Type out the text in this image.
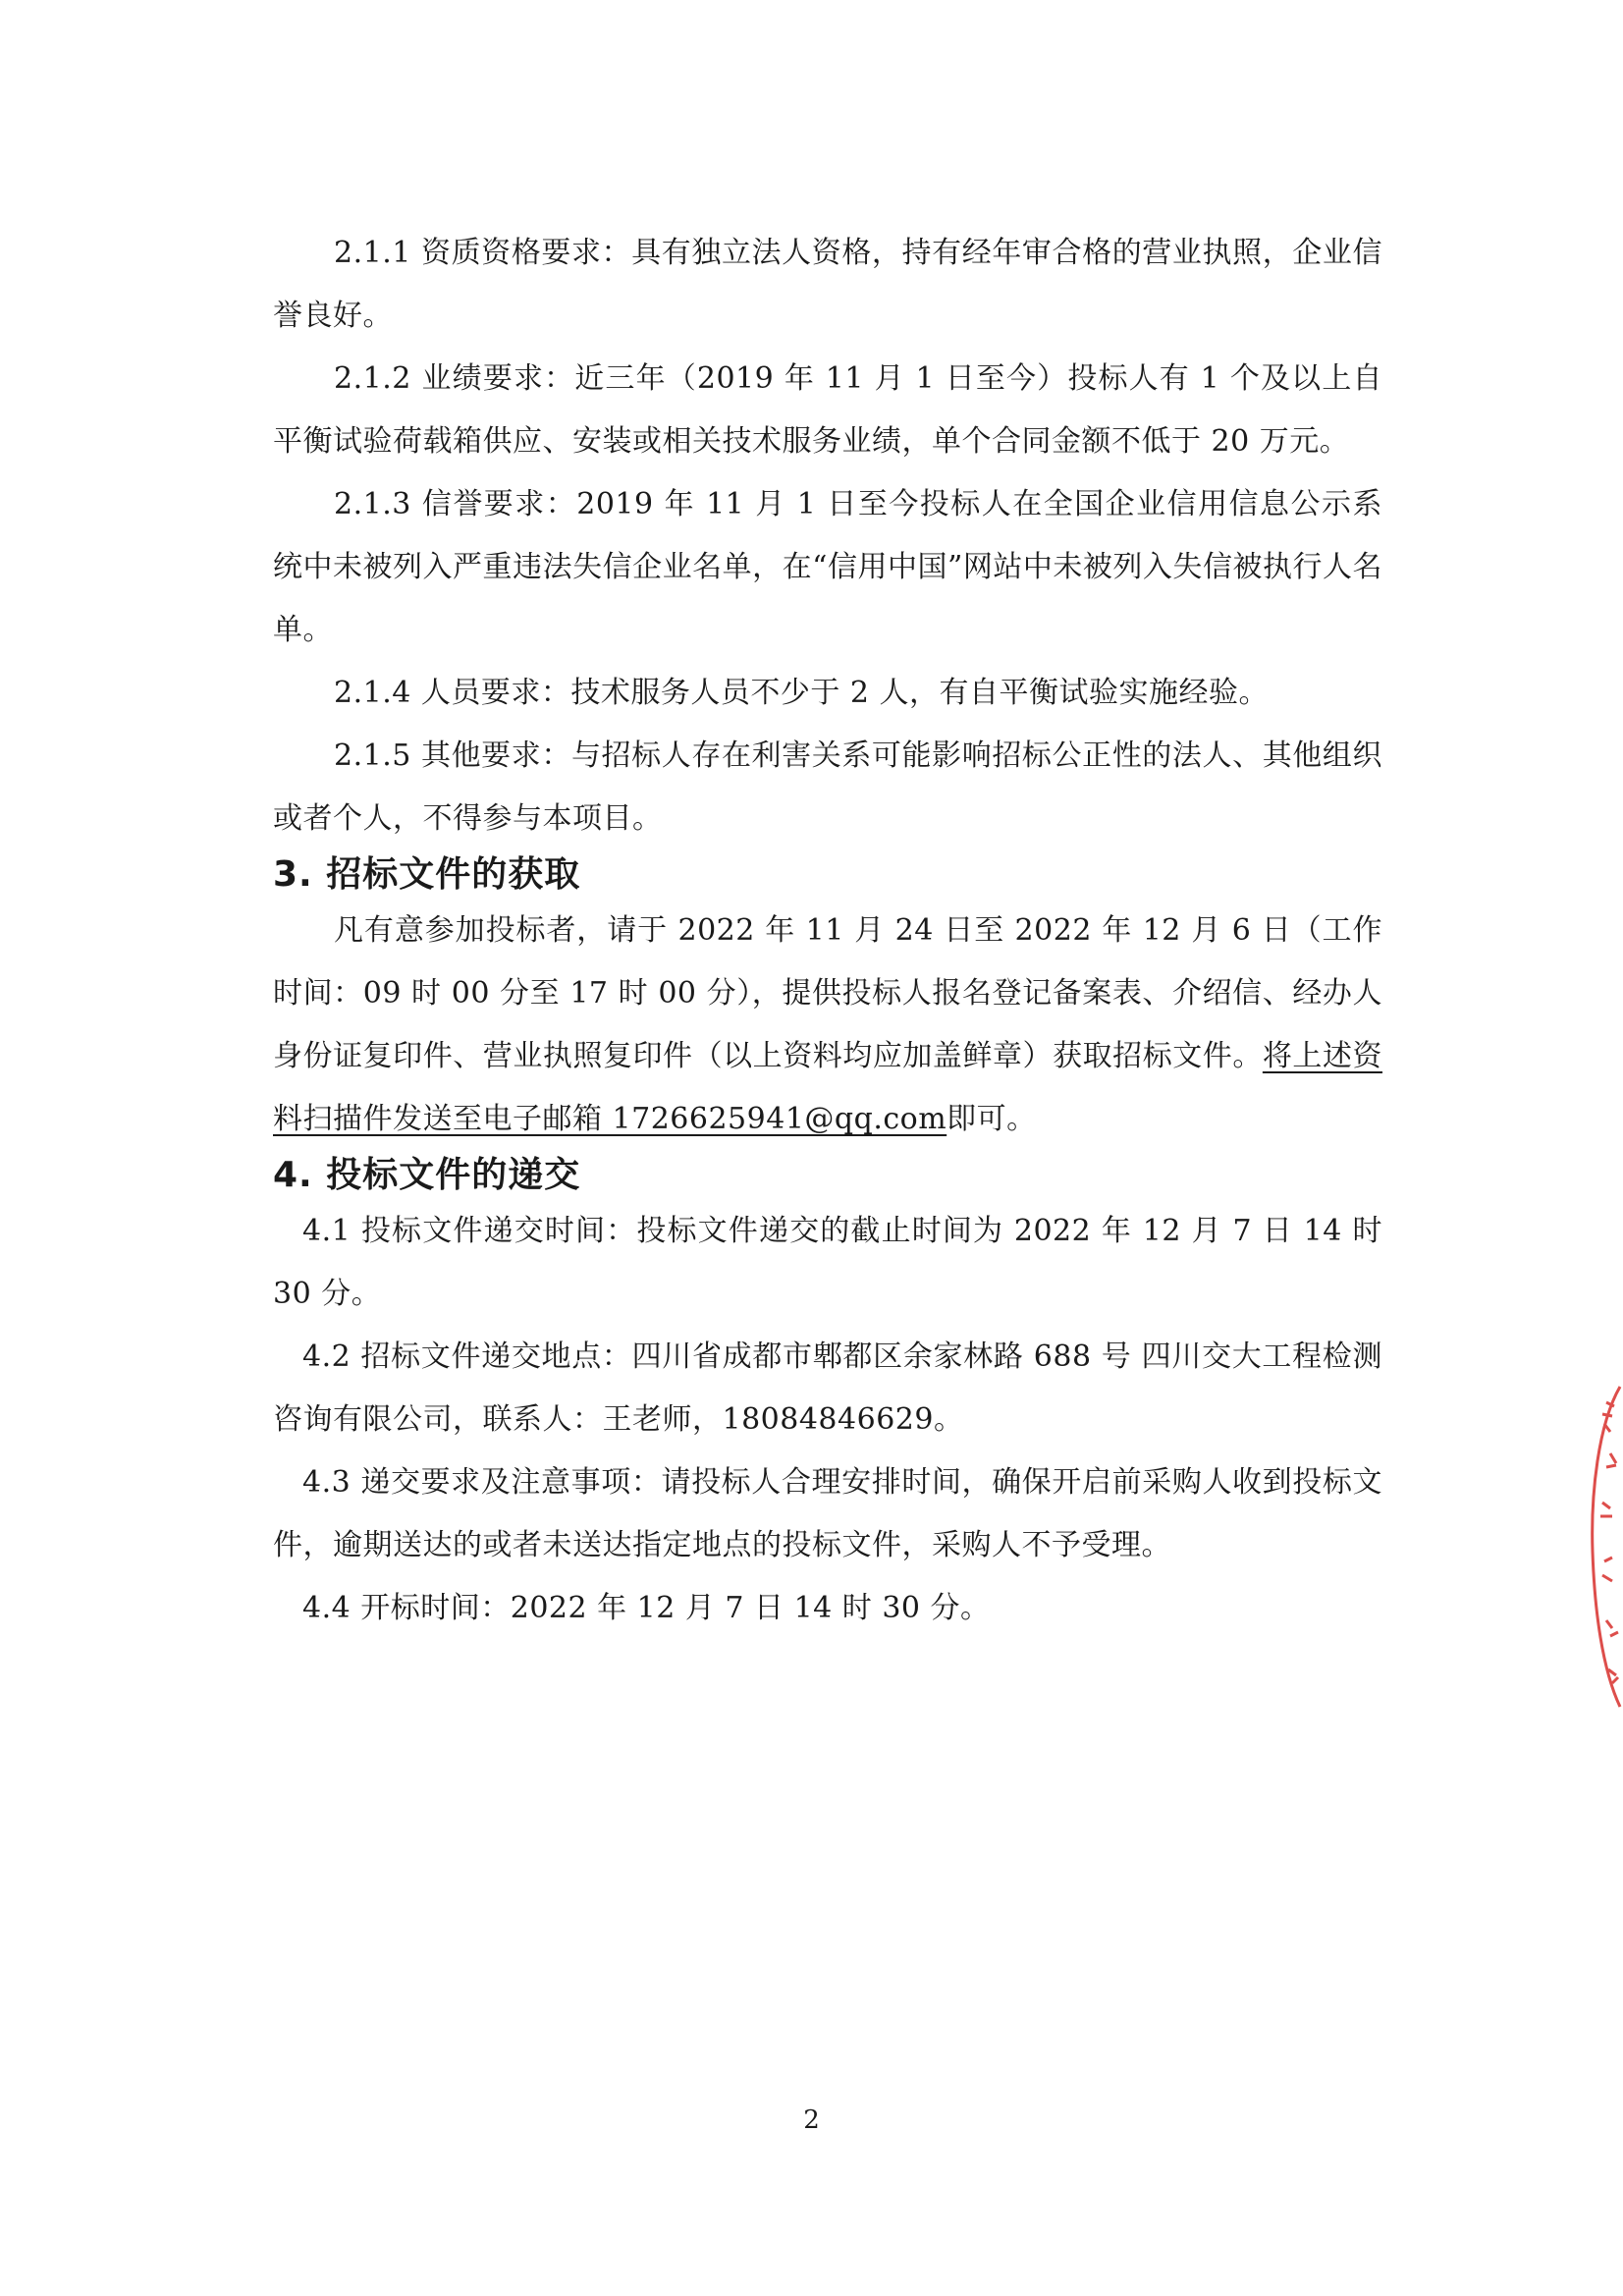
2.1.1 资质资格要求：具有独立法人资格，持有经年审合格的营业执照，企业信誉良好。

2.1.2 业绩要求：近三年（2019 年 11 月 1 日至今）投标人有 1 个及以上自平衡试验荷载箱供应、安装或相关技术服务业绩，单个合同金额不低于 20 万元。

2.1.3 信誉要求：2019 年 11 月 1 日至今投标人在全国企业信用信息公示系统中未被列入严重违法失信企业名单，在“信用中国”网站中未被列入失信被执行人名单。

2.1.4 人员要求：技术服务人员不少于 2 人，有自平衡试验实施经验。

2.1.5 其他要求：与招标人存在利害关系可能影响招标公正性的法人、其他组织或者个人，不得参与本项目。

3. 招标文件的获取

凡有意参加投标者，请于 2022 年 11 月 24 日至 2022 年 12 月 6 日（工作时间：09 时 00 分至 17 时 00 分），提供投标人报名登记备案表、介绍信、经办人身份证复印件、营业执照复印件（以上资料均应加盖鲜章）获取招标文件。将上述资料扫描件发送至电子邮箱 1726625941@qq.com即可。

4. 投标文件的递交

4.1 投标文件递交时间：投标文件递交的截止时间为 2022 年 12 月 7 日 14 时 30 分。

4.2 招标文件递交地点：四川省成都市郫都区余家林路 688 号 四川交大工程检测咨询有限公司，联系人：王老师，18084846629。

4.3 递交要求及注意事项：请投标人合理安排时间，确保开启前采购人收到投标文件，逾期送达的或者未送达指定地点的投标文件，采购人不予受理。

4.4 开标时间：2022 年 12 月 7 日 14 时 30 分。

2
